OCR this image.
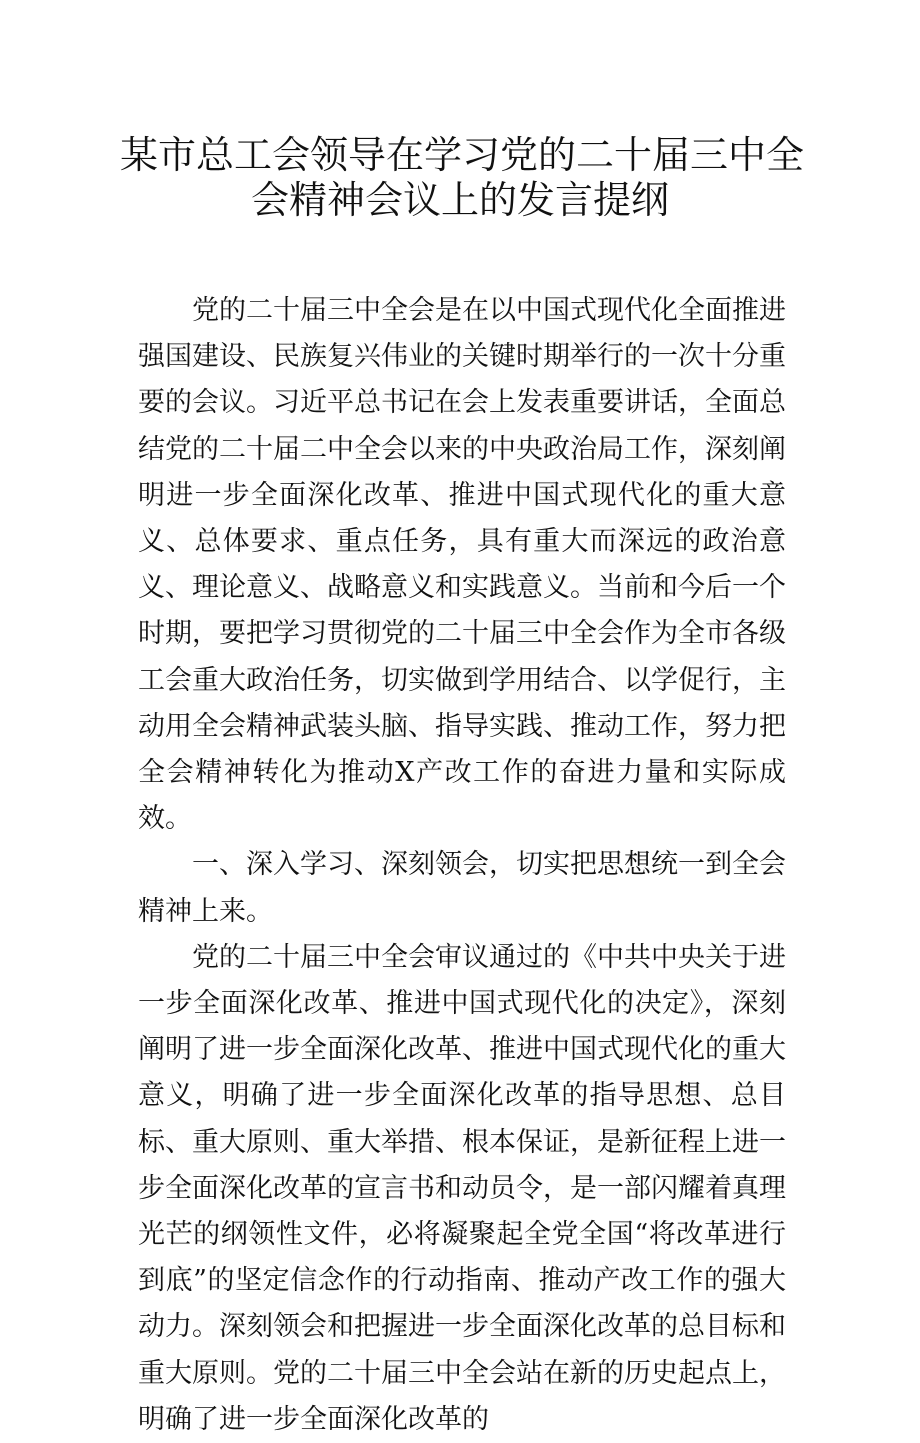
某市总工会领导在学习党的二十届三中全
会精神会议上的发言提纲

党的二十届三中全会是在以中国式现代化全面推进强国建设、民族复兴伟业的关键时期举行的一次十分重要的会议。习近平总书记在会上发表重要讲话，全面总结党的二十届二中全会以来的中央政治局工作，深刻阐明进一步全面深化改革、推进中国式现代化的重大意义、总体要求、重点任务，具有重大而深远的政治意义、理论意义、战略意义和实践意义。当前和今后一个时期，要把学习贯彻党的二十届三中全会作为全市各级工会重大政治任务，切实做到学用结合、以学促行，主动用全会精神武装头脑、指导实践、推动工作，努力把全会精神转化为推动X产改工作的奋进力量和实际成效。

一、深入学习、深刻领会，切实把思想统一到全会精神上来。

党的二十届三中全会审议通过的《中共中央关于进一步全面深化改革、推进中国式现代化的决定》，深刻阐明了进一步全面深化改革、推进中国式现代化的重大意义，明确了进一步全面深化改革的指导思想、总目标、重大原则、重大举措、根本保证，是新征程上进一步全面深化改革的宣言书和动员令，是一部闪耀着真理光芒的纲领性文件，必将凝聚起全党全国“将改革进行到底”的坚定信念作的行动指南、推动产改工作的强大动力。深刻领会和把握进一步全面深化改革的总目标和重大原则。党的二十届三中全会站在新的历史起点上，明确了进一步全面深化改革的
